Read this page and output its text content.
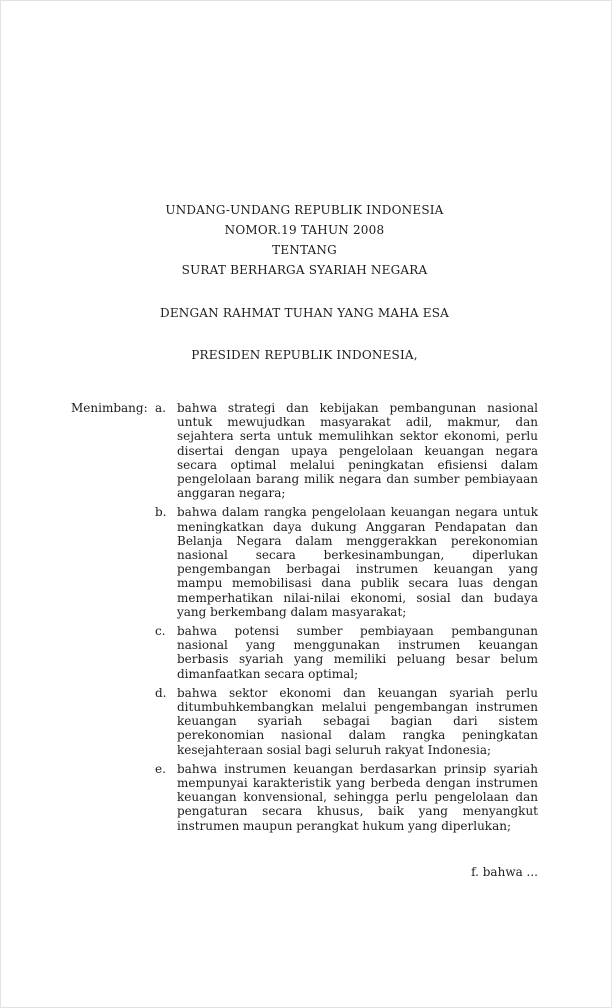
UNDANG-UNDANG REPUBLIK INDONESIA
NOMOR.19 TAHUN 2008
TENTANG
SURAT BERHARGA SYARIAH NEGARA
DENGAN RAHMAT TUHAN YANG MAHA ESA
PRESIDEN REPUBLIK INDONESIA,
Menimbang: a. bahwa strategi dan kebijakan pembangunan nasional
untuk mewujudkan masyarakat adil, makmur, dan
sejahtera serta untuk memulihkan sektor ekonomi, perlu
disertai dengan upaya pengelolaan keuangan negara
secara optimal melalui peningkatan efisiensi dalam
pengelolaan barang milik negara dan sumber pembiayaan
anggaran negara;
b. bahwa dalam rangka pengelolaan keuangan negara untuk
meningkatkan daya dukung Anggaran Pendapatan dan
Belanja Negara dalam menggerakkan perekonomian
nasional secara berkesinambungan, diperlukan
pengembangan berbagai instrumen keuangan yang
mampu memobilisasi dana publik secara luas dengan
memperhatikan nilai-nilai ekonomi, sosial dan budaya
yang berkembang dalam masyarakat;
c. bahwa potensi sumber pembiayaan pembangunan
nasional yang menggunakan instrumen keuangan
berbasis syariah yang memiliki peluang besar belum
dimanfaatkan secara optimal;
d. bahwa sektor ekonomi dan keuangan syariah perlu
ditumbuhkembangkan melalui pengembangan instrumen
keuangan syariah sebagai bagian dari sistem
perekonomian nasional dalam rangka peningkatan
kesejahteraan sosial bagi seluruh rakyat Indonesia;
e. bahwa instrumen keuangan berdasarkan prinsip syariah
mempunyai karakteristik yang berbeda dengan instrumen
keuangan konvensional, sehingga perlu pengelolaan dan
pengaturan secara khusus, baik yang menyangkut
instrumen maupun perangkat hukum yang diperlukan;
f. bahwa ...
